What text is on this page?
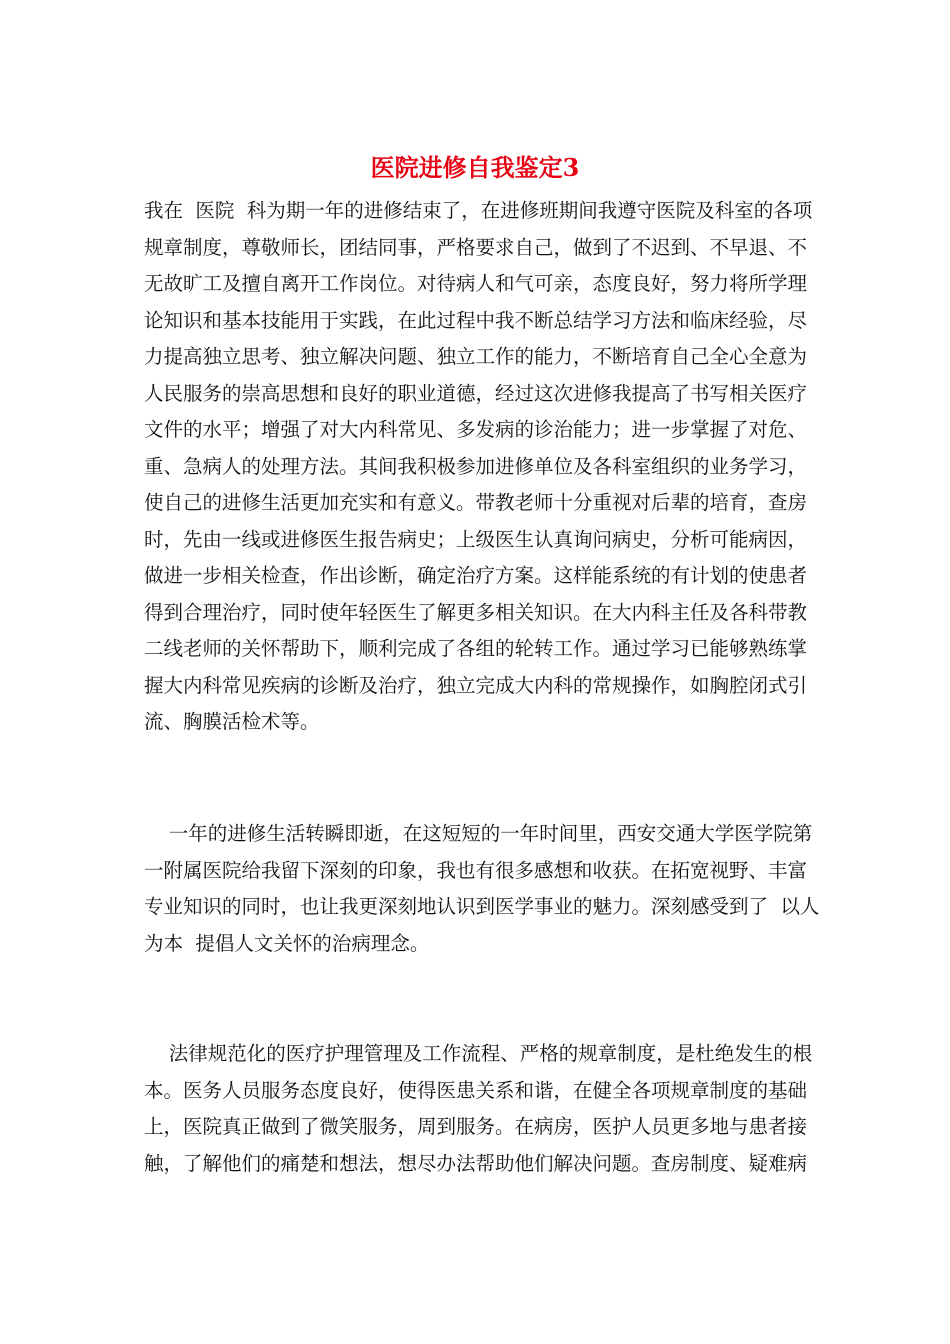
医院进修自我鉴定3
我在  医院  科为期一年的进修结束了，在进修班期间我遵守医院及科室的各项
规章制度，尊敬师长，团结同事，严格要求自己，做到了不迟到、不早退、不
无故旷工及擅自离开工作岗位。对待病人和气可亲，态度良好，努力将所学理
论知识和基本技能用于实践，在此过程中我不断总结学习方法和临床经验，尽
力提高独立思考、独立解决问题、独立工作的能力，不断培育自己全心全意为
人民服务的崇高思想和良好的职业道德，经过这次进修我提高了书写相关医疗
文件的水平；增强了对大内科常见、多发病的诊治能力；进一步掌握了对危、
重、急病人的处理方法。其间我积极参加进修单位及各科室组织的业务学习，
使自己的进修生活更加充实和有意义。带教老师十分重视对后辈的培育，查房
时，先由一线或进修医生报告病史；上级医生认真询问病史，分析可能病因，
做进一步相关检查，作出诊断，确定治疗方案。这样能系统的有计划的使患者
得到合理治疗，同时使年轻医生了解更多相关知识。在大内科主任及各科带教
二线老师的关怀帮助下，顺利完成了各组的轮转工作。通过学习已能够熟练掌
握大内科常见疾病的诊断及治疗，独立完成大内科的常规操作，如胸腔闭式引
流、胸膜活检术等。
一年的进修生活转瞬即逝，在这短短的一年时间里，西安交通大学医学院第
一附属医院给我留下深刻的印象，我也有很多感想和收获。在拓宽视野、丰富
专业知识的同时，也让我更深刻地认识到医学事业的魅力。深刻感受到了  以人
为本  提倡人文关怀的治病理念。
法律规范化的医疗护理管理及工作流程、严格的规章制度，是杜绝发生的根
本。医务人员服务态度良好，使得医患关系和谐，在健全各项规章制度的基础
上，医院真正做到了微笑服务，周到服务。在病房，医护人员更多地与患者接
触，了解他们的痛楚和想法，想尽办法帮助他们解决问题。查房制度、疑难病
